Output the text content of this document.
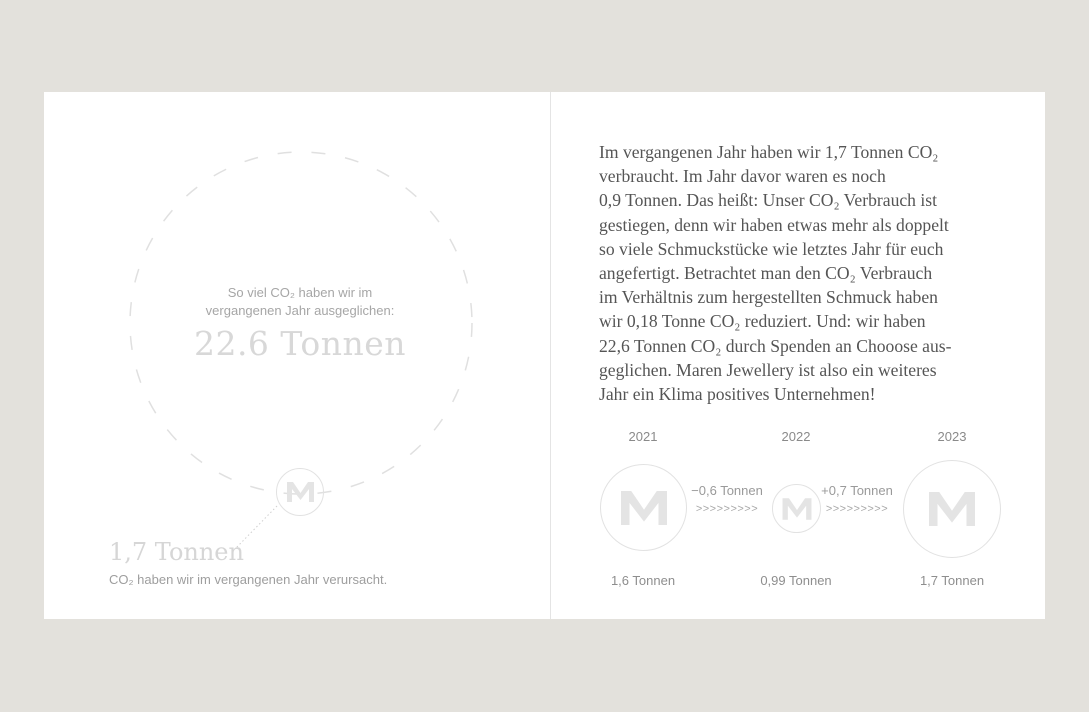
So viel CO₂ haben wir im
vergangenen Jahr ausgeglichen:
22.6 Tonnen
1,7 Tonnen
CO₂ haben wir im vergangenen Jahr verursacht.

Im vergangenen Jahr haben wir 1,7 Tonnen CO₂

verbraucht. Im Jahr davor waren es noch

0,9 Tonnen. Das heißt: Unser CO₂ Verbrauch ist

gestiegen, denn wir haben etwas mehr als doppelt

so viele Schmuckstücke wie letztes Jahr für euch

angefertigt. Betrachtet man den CO₂ Verbrauch

im Verhältnis zum hergestellten Schmuck haben

wir 0,18 Tonne CO₂ reduziert. Und: wir haben

22,6 Tonnen CO₂ durch Spenden an Chooose aus-

geglichen. Maren Jewellery ist also ein weiteres

Jahr ein Klima positives Unternehmen!

2021	2022	2023
−0,6 Tonnen
>>>>>>>>>
+0,7 Tonnen
>>>>>>>>>
1,6 Tonnen	0,99 Tonnen	1,7 Tonnen
